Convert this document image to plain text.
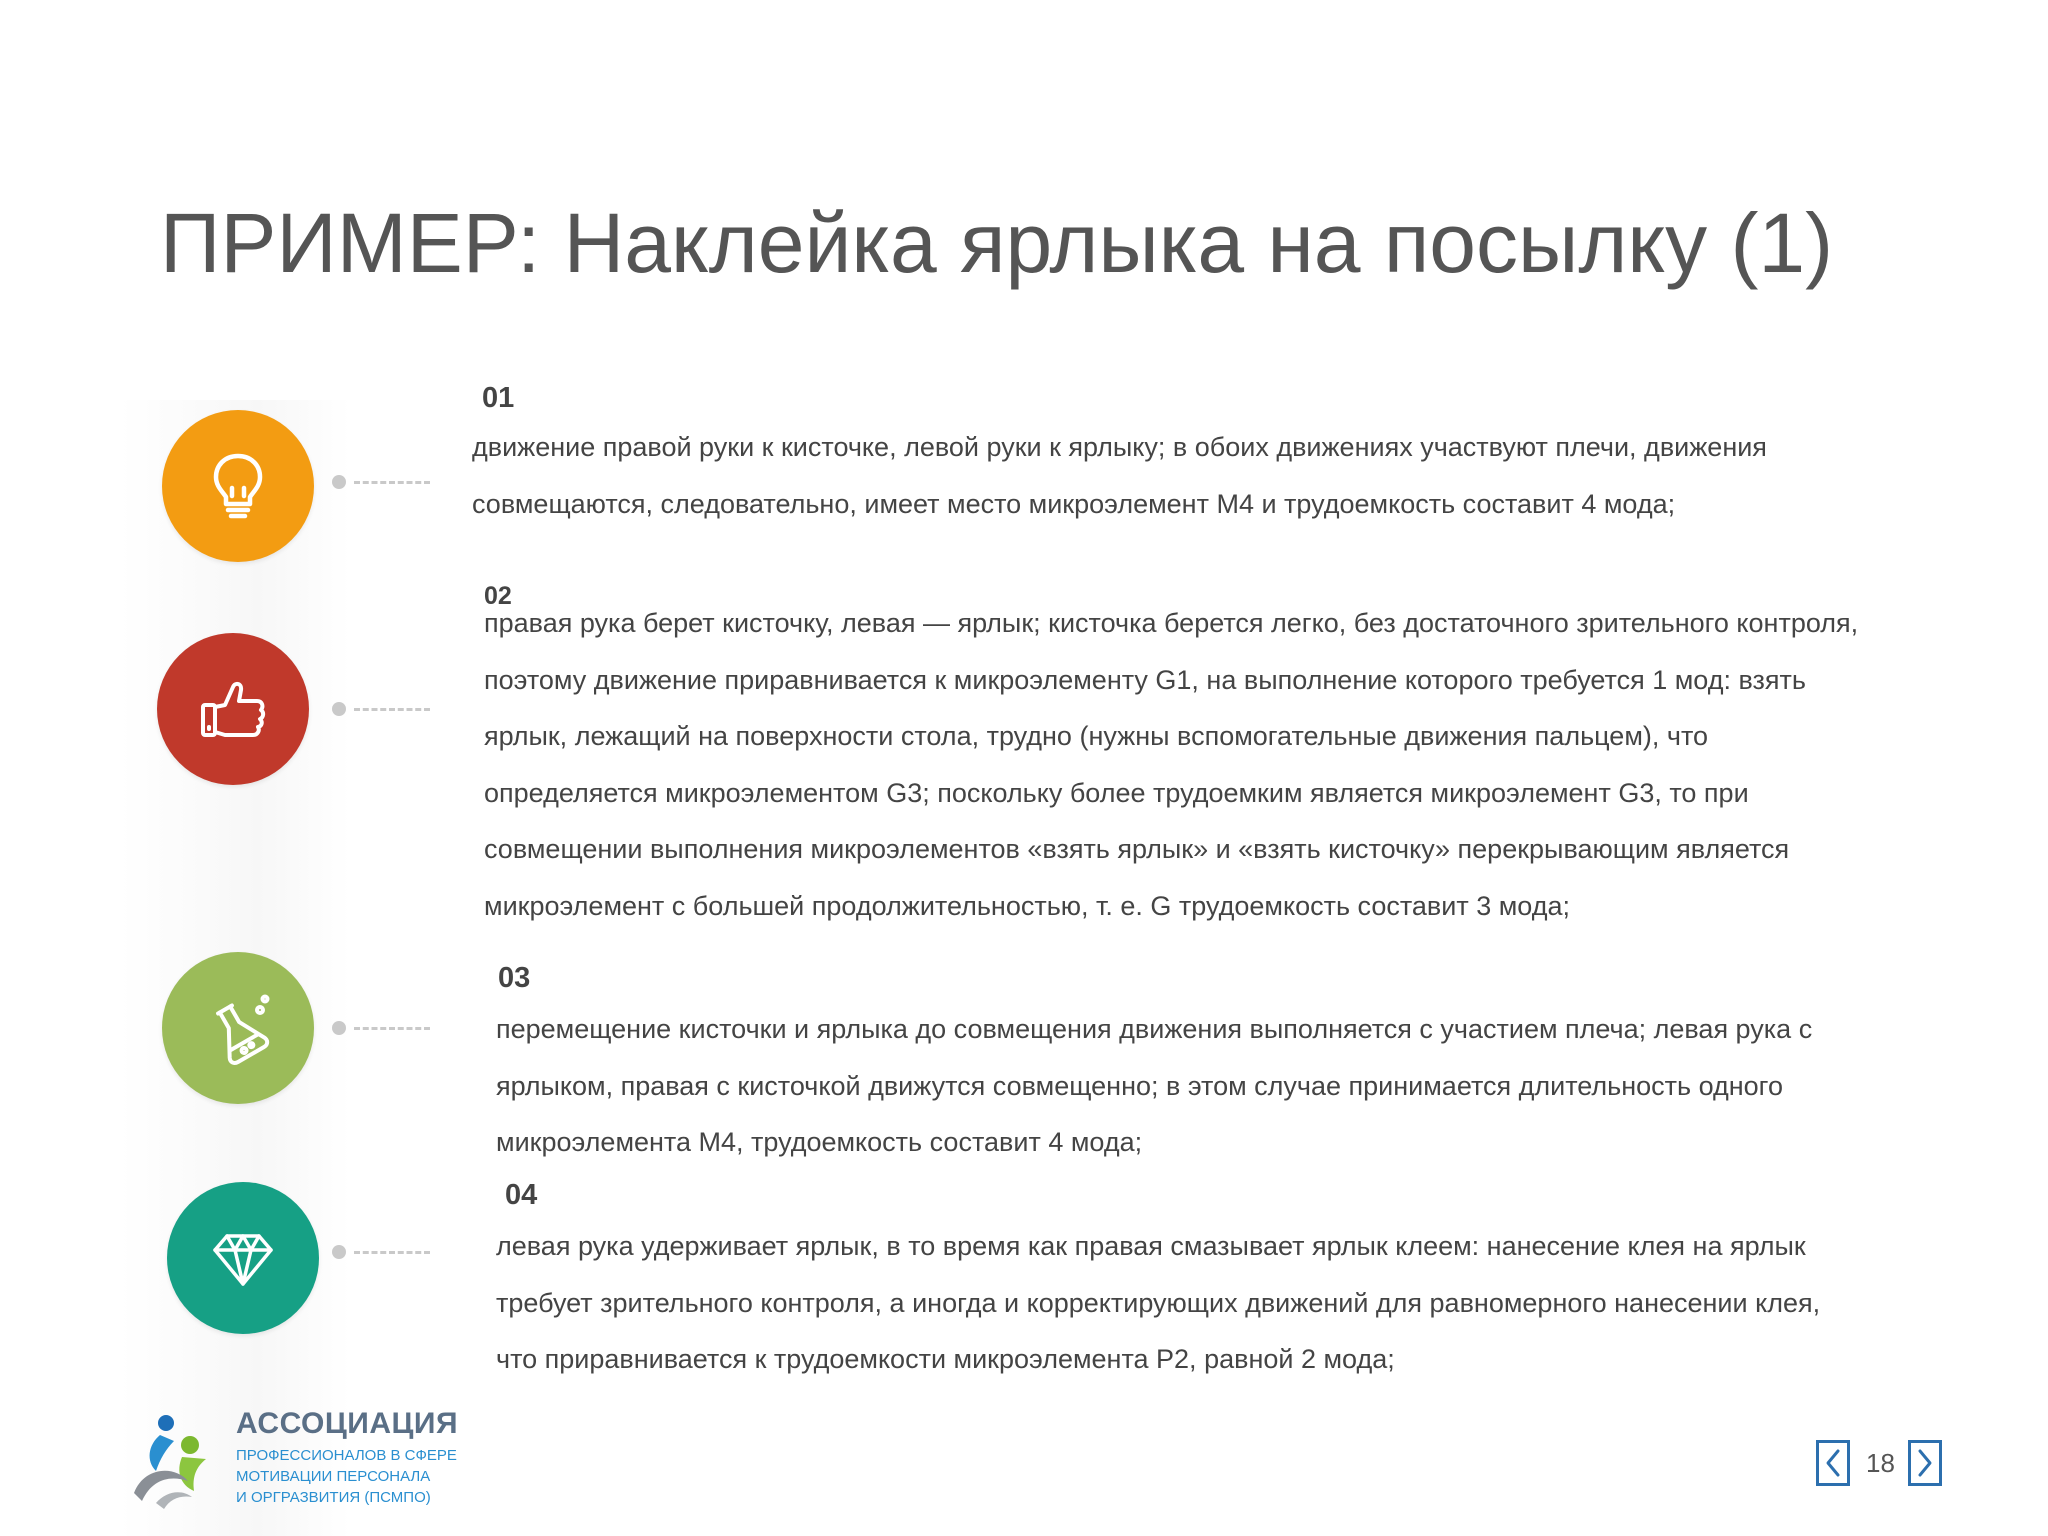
ПРИМЕР: Наклейка ярлыка на посылку (1)
01

движение правой руки к кисточке, левой руки к ярлыку; в обоих движениях участвуют плечи, движения
совмещаются, следовательно, имеет место микроэлемент М4 и трудоемкость составит 4 мода;

02

правая рука берет кисточку, левая — ярлык; кисточка берется легко, без достаточного зрительного контроля,
поэтому движение приравнивается к микроэлементу G1, на выполнение которого требуется 1 мод: взять
ярлык, лежащий на поверхности стола, трудно (нужны вспомогательные движения пальцем), что
определяется микроэлементом G3; поскольку более трудоемким является микроэлемент G3, то при
совмещении выполнения микроэлементов «взять ярлык» и «взять кисточку» перекрывающим является
микроэлемент с большей продолжительностью, т. е. G трудоемкость составит 3 мода;

03

перемещение кисточки и ярлыка до совмещения движения выполняется с участием плеча; левая рука с
ярлыком, правая с кисточкой движутся совмещенно; в этом случае принимается длительность одного
микроэлемента М4, трудоемкость составит 4 мода;

04

левая рука удерживает ярлык, в то время как правая смазывает ярлык клеем: нанесение клея на ярлык
требует зрительного контроля, а иногда и корректирующих движений для равномерного нанесении клея,
что приравнивается к трудоемкости микроэлемента Р2, равной 2 мода;

АССОЦИАЦИЯ
ПРОФЕССИОНАЛОВ В СФЕРЕ
МОТИВАЦИИ ПЕРСОНАЛА
И ОРГРАЗВИТИЯ (ПСМПО)
18
